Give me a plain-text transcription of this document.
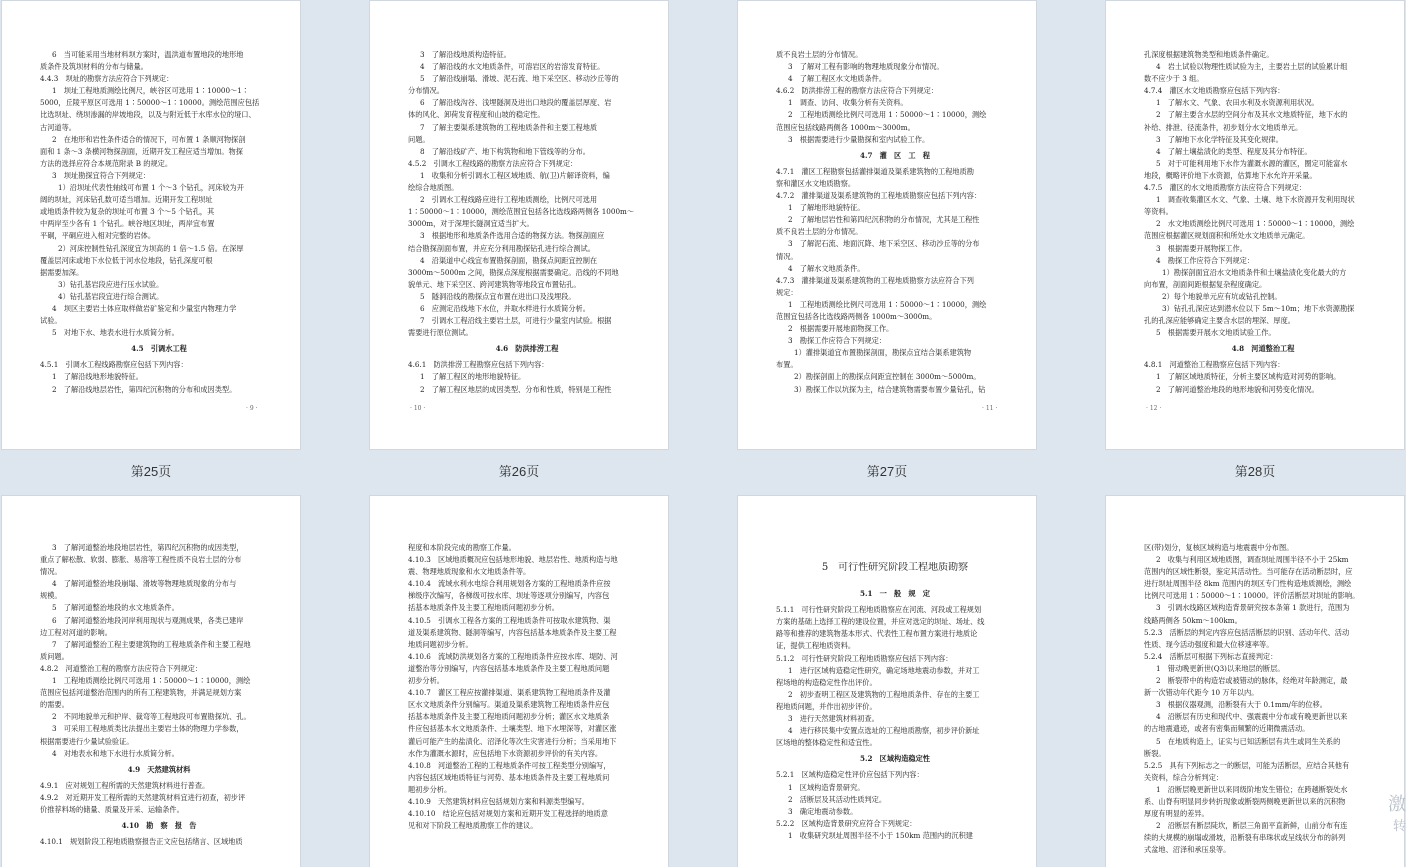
6　当可能采用当地材料坝方案时，温洪道布置地段的地形地
质条件及筑坝材料的分布与储量。
4.4.3　坝址的勘察方法应符合下列规定：
1　坝址工程地质测绘比例尺，峡谷区可选用 1∶10000～1∶
5000，丘陵平原区可选用 1∶50000～1∶10000。测绘范围应包括
比选坝址、绕坝渗漏的岸坡地段，以及与附近低于水库水位的垭口、
古河道等。
2　在地形和岩性条件适合的情况下，可布置 1 条顺河物探剖
面和 1 条～3 条横河物探剖面，近期开发工程应适当增加。物探
方法的选择应符合本规范附录 B 的规定。
3　坝址勘探宜符合下列规定：
1）沿坝址代表性轴线可布置 1 个～3 个钻孔，河床较为开
阔的坝址，河床钻孔数可适当增加。近期开发工程坝址
或地质条件较为复杂的坝址可布置 3 个～5 个钻孔，其
中两岸至少各有 1 个钻孔。峡谷地区坝址，两岸宜布置
平硐，平硐应进入相对完整的岩体。
2）河床控制性钻孔深度宜为坝高的 1 倍～1.5 倍。在深厚
覆盖层河床或地下水位低于河水位地段，钻孔深度可根
据需要加深。
3）钻孔基岩段应进行压水试验。
4）钻孔基岩段宜进行综合测试。
4　坝区主要岩土体应取样做岩矿鉴定和少量室内物理力学
试验。
5　对地下水、地表水进行水质简分析。
4.5　引调水工程
4.5.1　引调水工程线路勘察应包括下列内容：
1　了解沿线地形地貌特征。
2　了解沿线地层岩性，第四纪沉积物的分布和成因类型。
· 9 ·
3　了解沿线地质构造特征。
4　了解沿线的水文地质条件，可溶岩区的岩溶发育特征。
5　了解沿线崩塌、滑坡、泥石流、地下采空区、移动沙丘等的
分布情况。
6　了解沿线沟谷、浅埋隧洞及进出口地段的覆盖层厚度、岩
体的风化、卸荷发育程度和山坡的稳定性。
7　了解主要渠系建筑物的工程地质条件和主要工程地质
问题。
8　了解沿线矿产、地下构筑物和地下管线等的分布。
4.5.2　引调水工程线路的勘察方法应符合下列规定：
1　收集和分析引调水工程区域地质、航(卫)片解译资料，编
绘综合地质图。
2　引调水工程线路应进行工程地质测绘，比例尺可选用
1∶50000～1∶10000，测绘范围宜包括各比选线路两侧各 1000m～
3000m，对于深埋长隧洞宜适当扩大。
3　根据地形和地质条件选用合适的物探方法。物探剖面应
结合勘探剖面布置，并应充分利用勘探钻孔进行综合测试。
4　沿渠道中心线宜布置勘探剖面，勘探点间距宜控制在
3000m～5000m 之间，勘探点深度根据需要确定。沿线的不同地
貌单元、地下采空区、跨河建筑物等地段宜布置钻孔。
5　隧洞沿线的勘探点宜布置在进出口及浅埋段。
6　应测定沿线地下水位，并取水样进行水质简分析。
7　引调水工程沿线主要岩土层，可进行少量室内试验。根据
需要进行原位测试。
4.6　防洪排涝工程
4.6.1　防洪排涝工程勘察应包括下列内容：
1　了解工程区的地形地貌特征。
2　了解工程区地层的成因类型、分布和性质，特别是工程性
· 10 ·
质不良岩土层的分布情况。
3　了解对工程有影响的物理地质现象分布情况。
4　了解工程区水文地质条件。
4.6.2　防洪排涝工程的勘察方法应符合下列规定：
1　调查、访问、收集分析有关资料。
2　工程地质测绘比例尺可选用 1∶50000～1∶10000，测绘
范围应包括线路两侧各 1000m～3000m。
3　根据需要进行少量勘探和室内试验工作。
4.7　灌　区　工　程
4.7.1　灌区工程勘察包括灌排渠道及渠系建筑物的工程地质勘
察和灌区水文地质勘察。
4.7.2　灌排渠道及渠系建筑物的工程地质勘察应包括下列内容：
1　了解地形地貌特征。
2　了解地层岩性和第四纪沉积物的分布情况，尤其是工程性
质不良岩土层的分布情况。
3　了解泥石流、地面沉降、地下采空区、移动沙丘等的分布
情况。
4　了解水文地质条件。
4.7.3　灌排渠道及渠系建筑物的工程地质勘察方法应符合下列
规定：
1　工程地质测绘比例尺可选用 1∶50000～1∶10000，测绘
范围宜包括各比选线路两侧各 1000m～3000m。
2　根据需要开展地面物探工作。
3　勘探工作应符合下列规定：
1）灌排渠道宜布置勘探剖面，勘探点宜结合渠系建筑物
布置。
2）勘探剖面上的勘探点间距宜控制在 3000m～5000m。
3）勘探工作以坑探为主，结合建筑物需要布置少量钻孔，钻
· 11 ·
孔深度根据建筑物类型和地质条件确定。
4　岩土试验以物理性质试验为主，主要岩土层的试验累计组
数不应少于 3 组。
4.7.4　灌区水文地质勘察应包括下列内容：
1　了解水文、气象、农田水利及水资源利用状况。
2　了解主要含水层的空间分布及其水文地质特征，地下水的
补给、排泄、径流条件，初步划分水文地质单元。
3　了解地下水化学特征及其变化规律。
4　了解土壤盐渍化的类型、程度及其分布特征。
5　对于可能利用地下水作为灌溉水源的灌区，圈定可能富水
地段，概略评价地下水资源，估算地下水允许开采量。
4.7.5　灌区的水文地质勘察方法应符合下列规定：
1　调查收集灌区水文、气象、土壤、地下水资源开发利用现状
等资料。
2　水文地质测绘比例尺可选用 1∶50000～1∶10000，测绘
范围应根据灌区规划面积和所处水文地质单元确定。
3　根据需要开展物探工作。
4　勘探工作应符合下列规定：
1）勘探剖面宜沿水文地质条件和土壤盐渍化变化最大的方
向布置，剖面间距根据复杂程度确定。
2）每个地貌单元应有坑或钻孔控制。
3）钻孔孔深应达到潜水位以下 5m～10m；地下水资源勘探
孔的孔深应能够确定主要含水层的埋深、厚度。
5　根据需要开展水文地质试验工作。
4.8　河道整治工程
4.8.1　河道整治工程勘察应包括下列内容：
1　了解区域地质特征，分析主要区域构造对河势的影响。
2　了解河道整治地段的地形地貌和河势变化情况。
· 12 ·
第25页	第26页	第27页	第28页
3　了解河道整治地段地层岩性，第四纪沉积物的成因类型，
重点了解松散、软弱、膨胀、易溶等工程性质不良岩土层的分布
情况。
4　了解河道整治地段崩塌、滑坡等物理地质现象的分布与
规模。
5　了解河道整治地段的水文地质条件。
6　了解河道整治地段河岸利用现状与观测成果，各类已建岸
边工程对河道的影响。
7　了解河道整治工程主要建筑物的工程地质条件和主要工程地
质问题。
4.8.2　河道整治工程的勘察方法应符合下列规定：
1　工程地质测绘比例尺可选用 1∶50000～1∶10000，测绘
范围应包括河道整治范围内的所有工程建筑物，并满足规划方案
的需要。
2　不同地貌单元和护岸、裁弯等工程地段可布置勘探坑、孔。
3　可采用工程地质类比法提出主要岩土体的物理力学参数，
根据需要进行少量试验验证。
4　对地表水和地下水进行水质简分析。
4.9　天然建筑材料
4.9.1　应对规划工程所需的天然建筑材料进行普查。
4.9.2　对近期开发工程所需的天然建筑材料宜进行初查，初步评
价推荐料场的储量、质量及开采、运输条件。
4.10　勘　察　报　告
4.10.1　规划阶段工程地质勘察报告正文应包括绪言、区域地质
程度和本阶段完成的勘察工作量。
4.10.3　区域地质概况应包括地形地貌、地层岩性、地质构造与地
震、物理地质现象和水文地质条件等。
4.10.4　流域水利水电综合利用规划各方案的工程地质条件应按
梯级序次编写，各梯级可按水库、坝址等逐项分别编写，内容包
括基本地质条件及主要工程地质问题初步分析。
4.10.5　引调水工程各方案的工程地质条件可按取水建筑物、渠
道及渠系建筑物、隧洞等编写，内容包括基本地质条件及主要工程
地质问题初步分析。
4.10.6　流域防洪规划各方案的工程地质条件应按水库、堤防、河
道整治等分别编写，内容包括基本地质条件及主要工程地质问题
初步分析。
4.10.7　灌区工程应按灌排渠道、渠系建筑物工程地质条件及灌
区水文地质条件分别编写。渠道及渠系建筑物工程地质条件应包
括基本地质条件及主要工程地质问题初步分析；灌区水文地质条
件应包括基本水文地质条件、土壤类型、地下水埋深等，对灌区涨
灌后可能产生的盐渍化、沼泽化等次生灾害进行分析；当采用地下
水作为灌溉水源时，应包括地下水资源初步评价的有关内容。
4.10.8　河道整治工程的工程地质条件可按工程类型分别编写，
内容包括区域地质特征与河势、基本地质条件及主要工程地质问
题初步分析。
4.10.9　天然建筑材料应包括规划方案和料源类型编写。
4.10.10　结论应包括对规划方案和近期开发工程选择的地质意
见和对下阶段工程地质勘察工作的建议。
5　可行性研究阶段工程地质勘察
5.1　一　般　规　定
5.1.1　可行性研究阶段工程地质勘察应在河流、河段或工程规划
方案的基础上选择工程的建设位置，并应对选定的坝址、场址、线
路等和推荐的建筑物基本形式、代表性工程布置方案进行地质论
证，提供工程地质资料。
5.1.2　可行性研究阶段工程地质勘察应包括下列内容：
1　进行区域构造稳定性研究，确定场地地震动参数，并对工
程场地的构造稳定性作出评价。
2　初步查明工程区及建筑物的工程地质条件、存在的主要工
程地质问题，并作出初步评价。
3　进行天然建筑材料初查。
4　进行移民集中安置点选址的工程地质勘察，初步评价新址
区场地的整体稳定性和适宜性。
5.2　区域构造稳定性
5.2.1　区域构造稳定性评价应包括下列内容：
1　区域构造背景研究。
2　活断层及其活动性质判定。
3　确定地震动参数。
5.2.2　区域构造背景研究应符合下列规定：
1　收集研究坝址周围半径不小于 150km 范围内的沉积建
区(带)划分，复核区域构造与地震震中分布图。
2　收集与利用区域地质图，调查坝址周围半径不小于 25km
范围内的区域性断裂，鉴定其活动性。当可能存在活动断层时，应
进行坝址周围半径 8km 范围内的坝区专门性构造地质测绘，测绘
比例尺可选用 1∶50000～1∶10000。评价活断层对坝址的影响。
3　引调水线路区域构造背景研究按本条第 1 款进行，范围为
线路两侧各 50km～100km。
5.2.3　活断层的判定内容应包括活断层的识别、活动年代、活动
性质、现今活动强度和最大位移速率等。
5.2.4　活断层可根据下列标志直接判定：
1　错动晚更新世(Q3)以来地层的断层。
2　断裂带中的构造岩或被错动的脉体，经绝对年龄测定，最
新一次错动年代距今 10 万年以内。
3　根据仪器观测，沿断裂有大于 0.1mm/年的位移。
4　沿断层有历史和现代中、强震震中分布或有晚更新世以来
的古地震遗迹，或者有密集而频繁的近期微震活动。
5　在地质构造上，证实与已知活断层有共生或同生关系的
断裂。
5.2.5　具有下列标志之一的断层，可能为活断层，应结合其他有
关资料，综合分析判定：
1　沿断层晚更新世以来同级阶地发生错位；在跨越断裂处水
系、山脊有明显同步转折现象或断裂两侧晚更新世以来的沉积物
厚度有明显的差异。
2　沿断层有断层陡坎，断层三角面平直新鲜，山前分布有连
续的大规模的崩塌或滑坡，沿断裂有串珠状或呈线状分布的斜列
式盆地、沼泽和承压泉等。
激
转
